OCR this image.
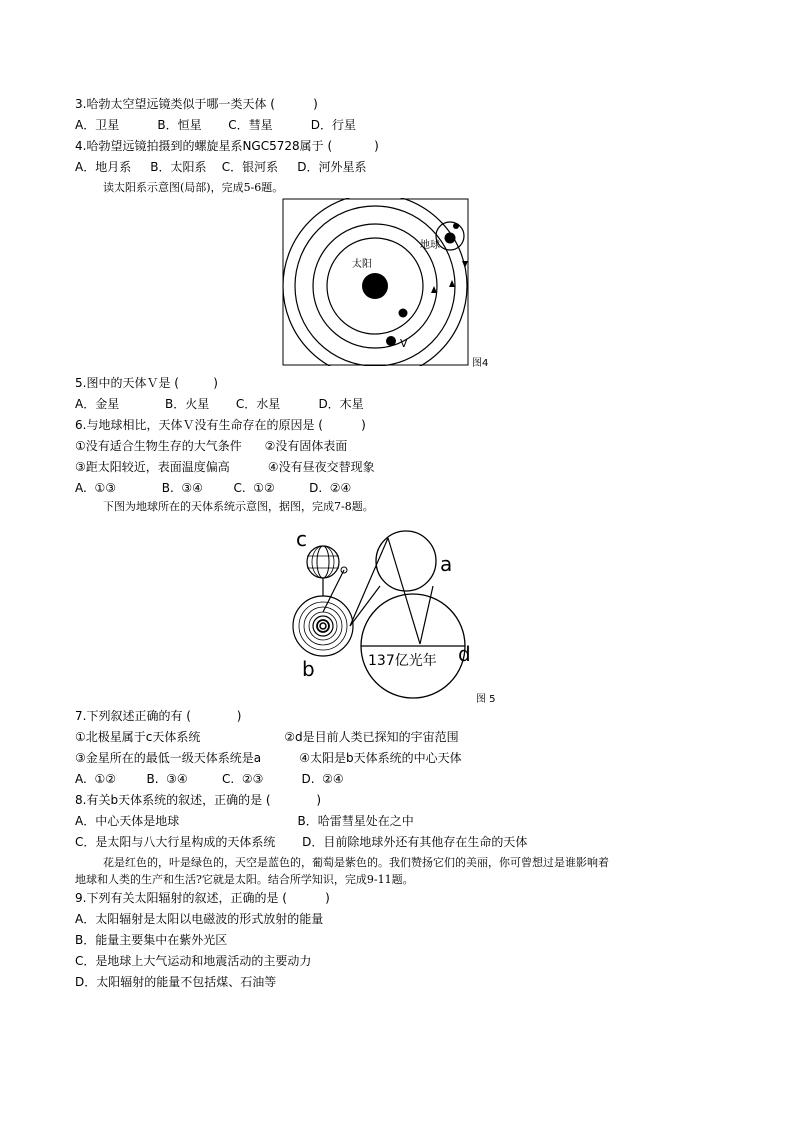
3.哈勃太空望远镜类似于哪一类天体 (          )
A．卫星          B．恒星       C．彗星          D．行星
4.哈勃望远镜拍摄到的螺旋星系NGC5728属于 (           )
A．地月系     B．太阳系    C．银河系     D．河外星系
读太阳系示意图(局部)，完成5-6题。
太阳
V
地球
图4
5.图中的天体Ｖ是 (         )
A．金星            B．火星       C．水星          D．木星
6.与地球相比，天体Ｖ没有生命存在的原因是 (          )
①没有适合生物生存的大气条件      ②没有固体表面
③距太阳较近，表面温度偏高          ④没有昼夜交替现象
A.  ①③            B.  ③④        C.  ①②         D.  ②④
下图为地球所在的天体系统示意图，据图，完成7-8题。
a
137亿光年 d
c
b
图 5
7.下列叙述正确的有 (            )
①北极星属于c天体系统                      ②d是目前人类已探知的宇宙范围
③金星所在的最低一级天体系统是a          ④太阳是b天体系统的中心天体
A.  ①②        B.  ③④         C.  ②③          D.  ②④
8.有关b天体系统的叙述，正确的是 (            )
A．中心天体是地球                               B．哈雷彗星处在之中
C．是太阳与八大行星构成的天体系统       D．目前除地球外还有其他存在生命的天体
花是红色的，叶是绿色的，天空是蓝色的，葡萄是紫色的。我们赞扬它们的美丽，你可曾想过是谁影响着
地球和人类的生产和生活?它就是太阳。结合所学知识，完成9-11题。
9.下列有关太阳辐射的叙述，正确的是 (          )
A．太阳辐射是太阳以电磁波的形式放射的能量
B．能量主要集中在紫外光区
C．是地球上大气运动和地震活动的主要动力
D．太阳辐射的能量不包括煤、石油等
